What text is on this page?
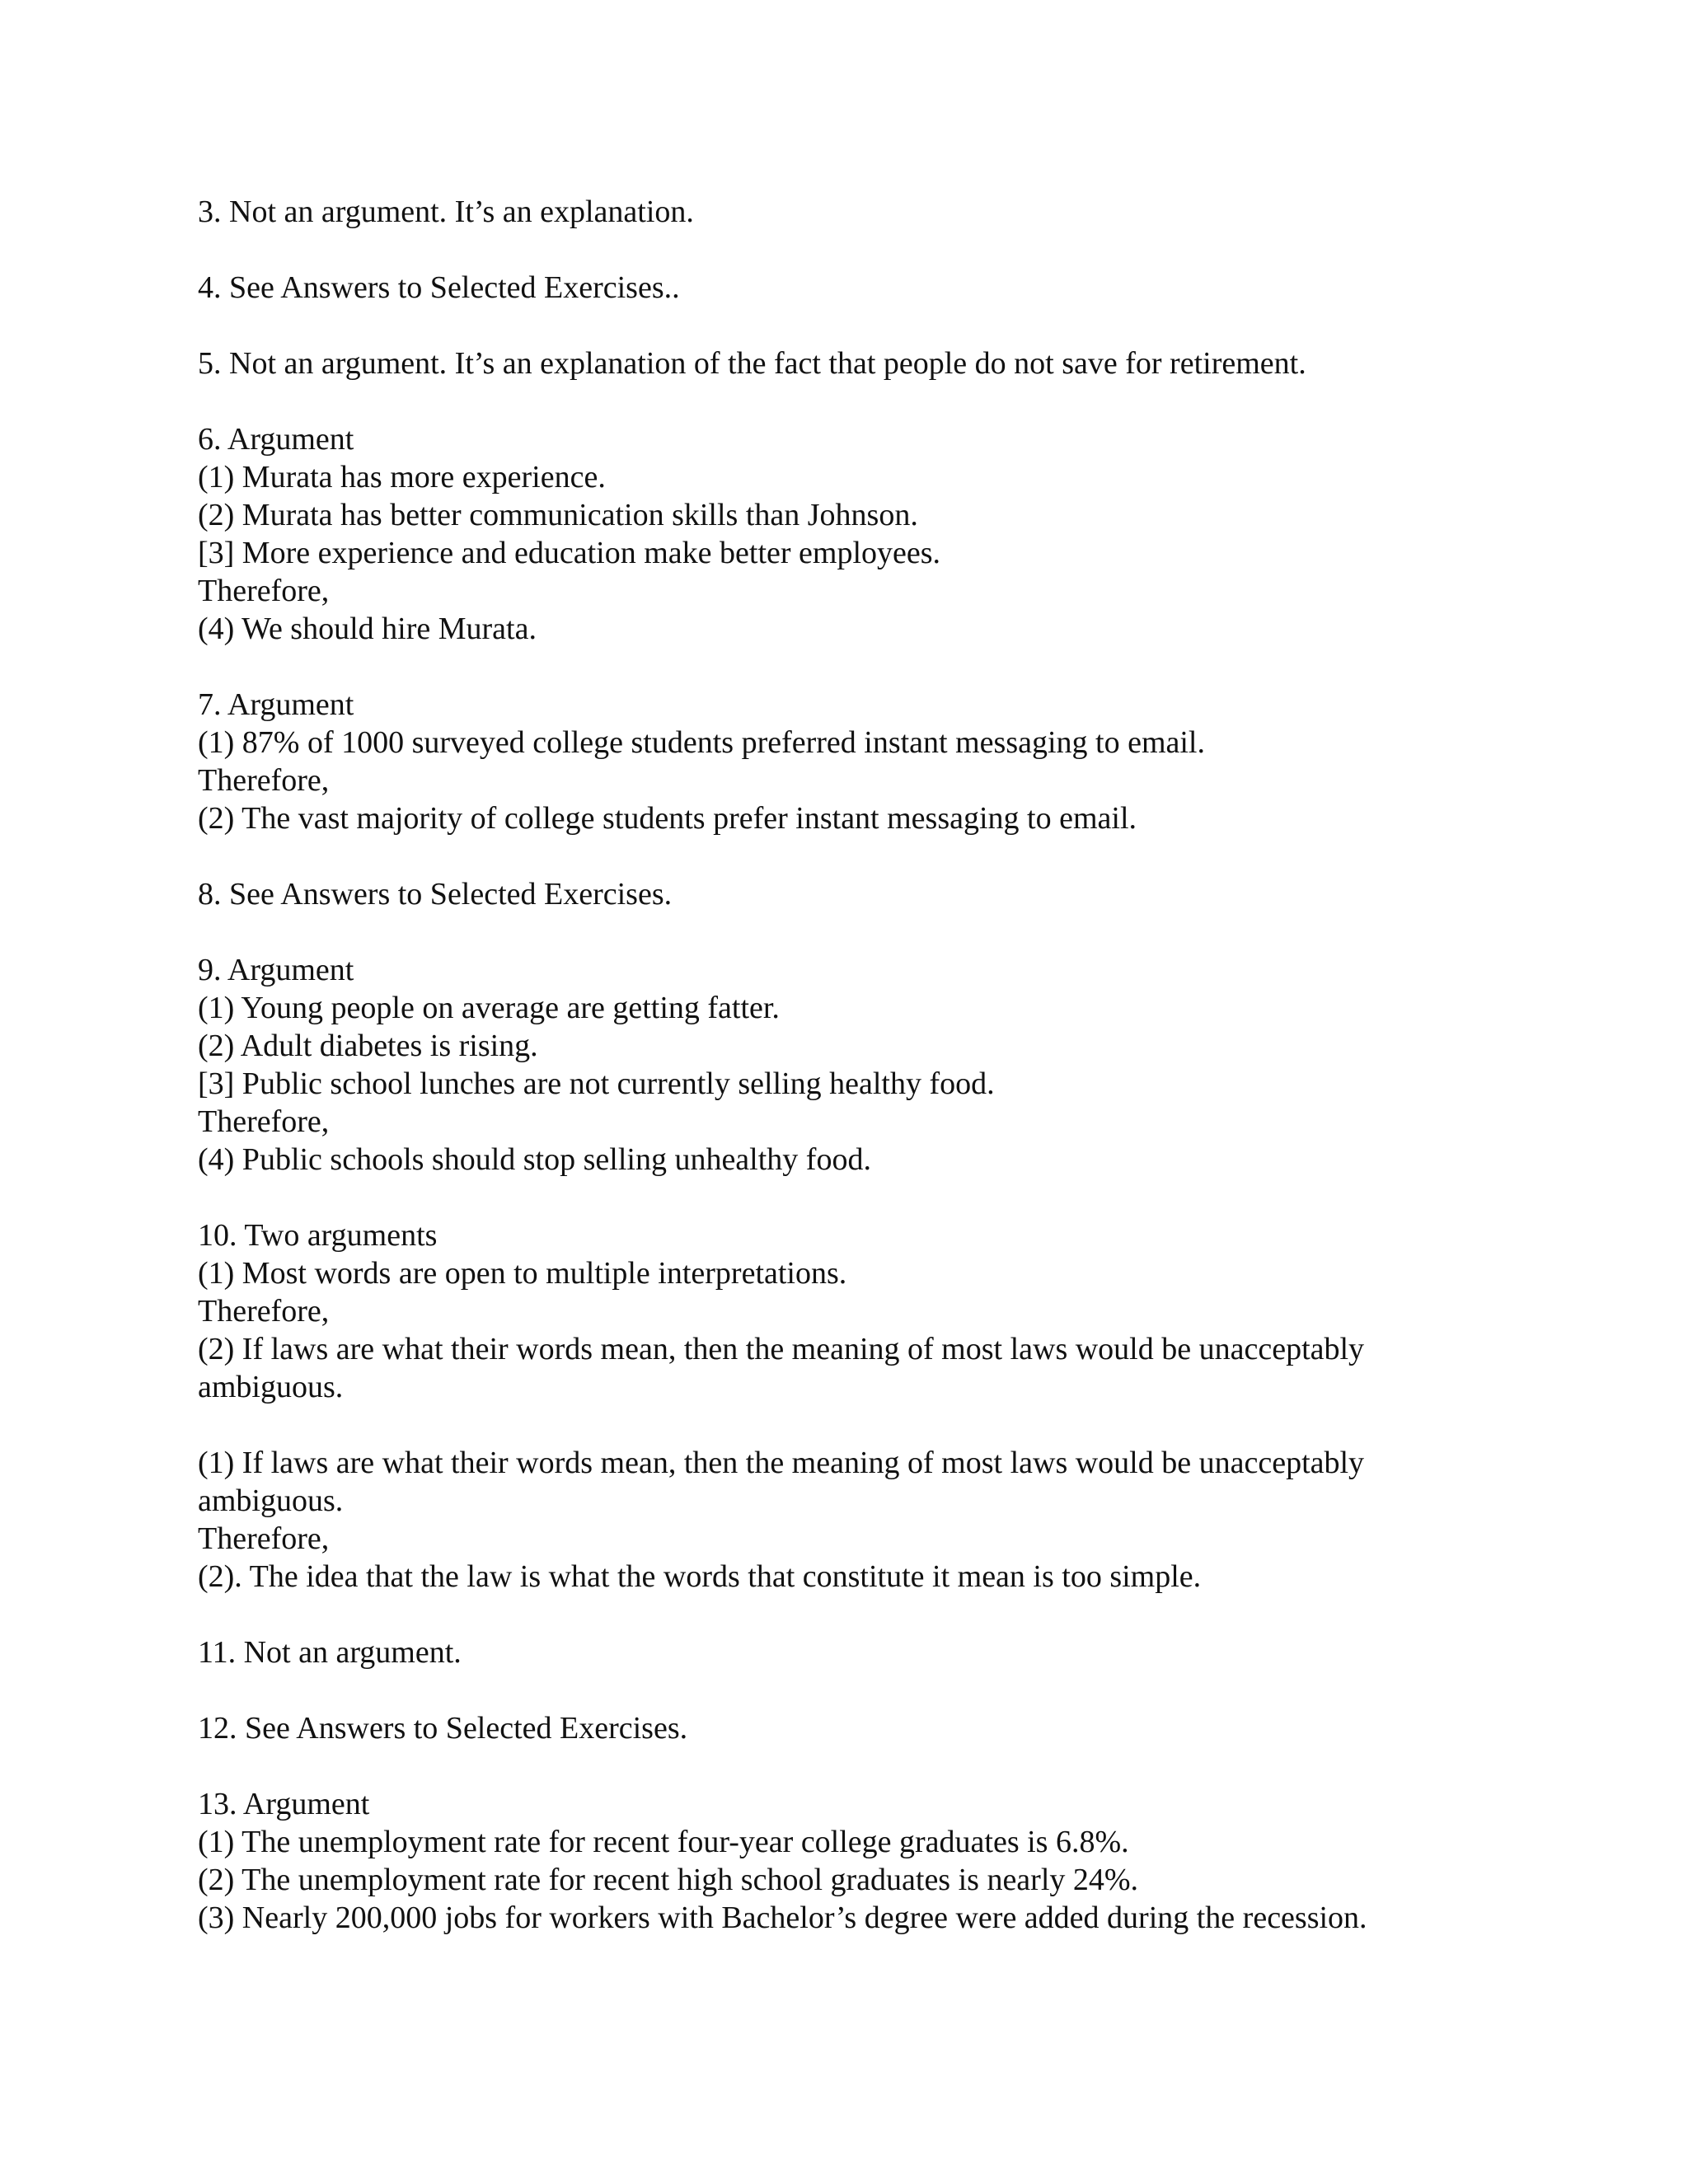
3. Not an argument. It’s an explanation.
4. See Answers to Selected Exercises..
5. Not an argument. It’s an explanation of the fact that people do not save for retirement.
6. Argument
(1) Murata has more experience.
(2) Murata has better communication skills than Johnson.
[3] More experience and education make better employees.
Therefore,
(4) We should hire Murata.
7. Argument
(1) 87% of 1000 surveyed college students preferred instant messaging to email.
Therefore,
(2) The vast majority of college students prefer instant messaging to email.
8. See Answers to Selected Exercises.
9. Argument
(1) Young people on average are getting fatter.
(2) Adult diabetes is rising.
[3] Public school lunches are not currently selling healthy food.
Therefore,
(4) Public schools should stop selling unhealthy food.
10. Two arguments
(1) Most words are open to multiple interpretations.
Therefore,
(2) If laws are what their words mean, then the meaning of most laws would be unacceptably ambiguous.
(1) If laws are what their words mean, then the meaning of most laws would be unacceptably ambiguous.
Therefore,
(2). The idea that the law is what the words that constitute it mean is too simple.
11. Not an argument.
12. See Answers to Selected Exercises.
13. Argument
(1) The unemployment rate for recent four-year college graduates is 6.8%.
(2) The unemployment rate for recent high school graduates is nearly 24%.
(3) Nearly 200,000 jobs for workers with Bachelor’s degree were added during the recession.
